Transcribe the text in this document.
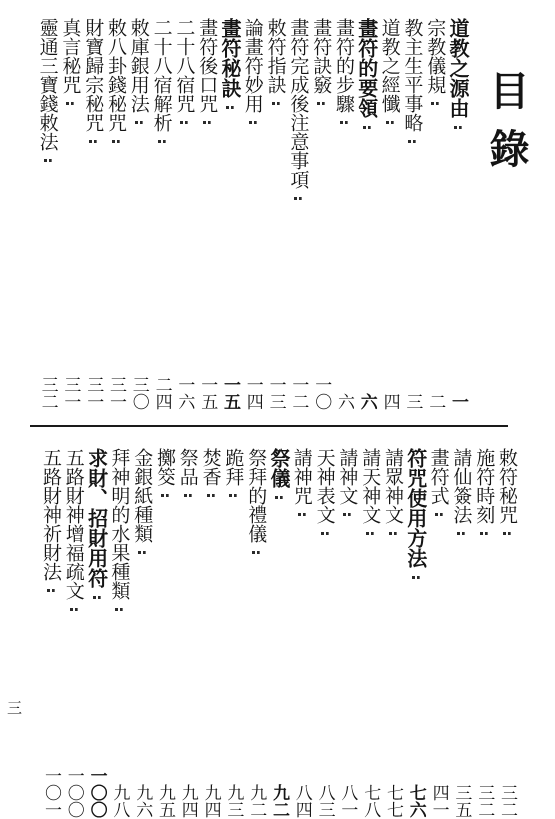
目錄
道教之源由
一
宗教儀規
二
教主生平事略
三
道教之經懺
四
畫符的要領
六
畫符的步驟
六
畫符訣竅
一〇
畫符完成後注意事項
一二
敕符指訣
一三
論畫符妙用
一四
畫符秘訣
一五
畫符後口咒
一五
二十八宿咒
一六
二十八宿解析
二四
敕庫銀用法
三〇
敕八卦錢秘咒
三一
財寶歸宗秘咒
三一
真言秘咒
三一
靈通三寶錢敕法
三二
敕符秘咒
三二
施符時刻
三二
請仙簽法
三五
畫符式
四一
符咒使用方法
七六
請眾神文
七七
請天神文
七八
請神文
八一
天神表文
八三
請神咒
八四
祭儀
九二
祭拜的禮儀
九二
跪拜
九三
焚香
九四
祭品
九四
擲筊
九五
金銀紙種類
九六
拜神明的水果種類
九八
求財、招財用符
一〇〇
五路財神增福疏文
一〇〇
五路財神祈財法
一〇一
三
